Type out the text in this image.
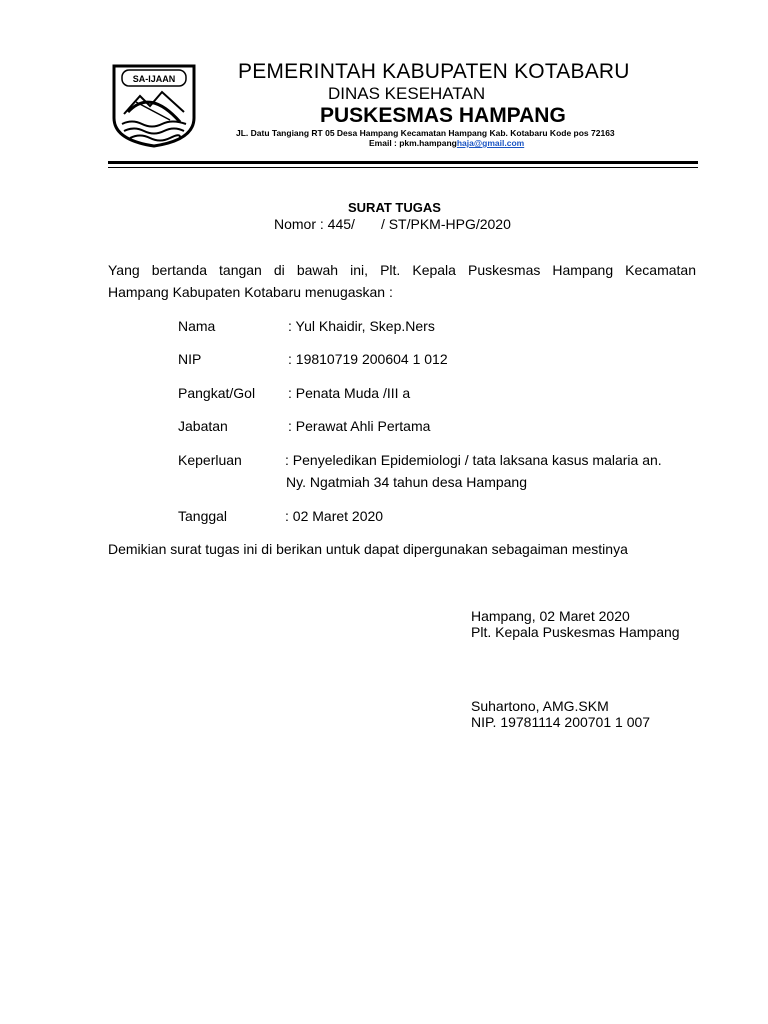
SA-IJAAN	PEMERINTAH KABUPATEN KOTABARU
DINAS KESEHATAN
PUSKESMAS HAMPANG
JL. Datu Tangiang RT 05 Desa Hampang Kecamatan Hampang Kab. Kotabaru Kode pos 72163
Email : pkm.hampanghaja@gmail.com
SURAT TUGAS
Nomor : 445/ / ST/PKM-HPG/2020
Yang bertanda tangan di bawah ini, Plt. Kepala Puskesmas Hampang Kecamatan
Hampang Kabupaten Kotabaru menugaskan :
Nama	: Yul Khaidir, Skep.Ners
NIP	: 19810719 200604 1 012
Pangkat/Gol : Penata Muda /III a
Jabatan	: Perawat Ahli Pertama
Keperluan	: Penyeledikan Epidemiologi / tata laksana kasus malaria an.
Ny. Ngatmiah 34 tahun desa Hampang
Tanggal	: 02 Maret 2020
Demikian surat tugas ini di berikan untuk dapat dipergunakan sebagaiman mestinya
Hampang, 02 Maret 2020
Plt. Kepala Puskesmas Hampang
Suhartono, AMG.SKM
NIP. 19781114 200701 1 007
